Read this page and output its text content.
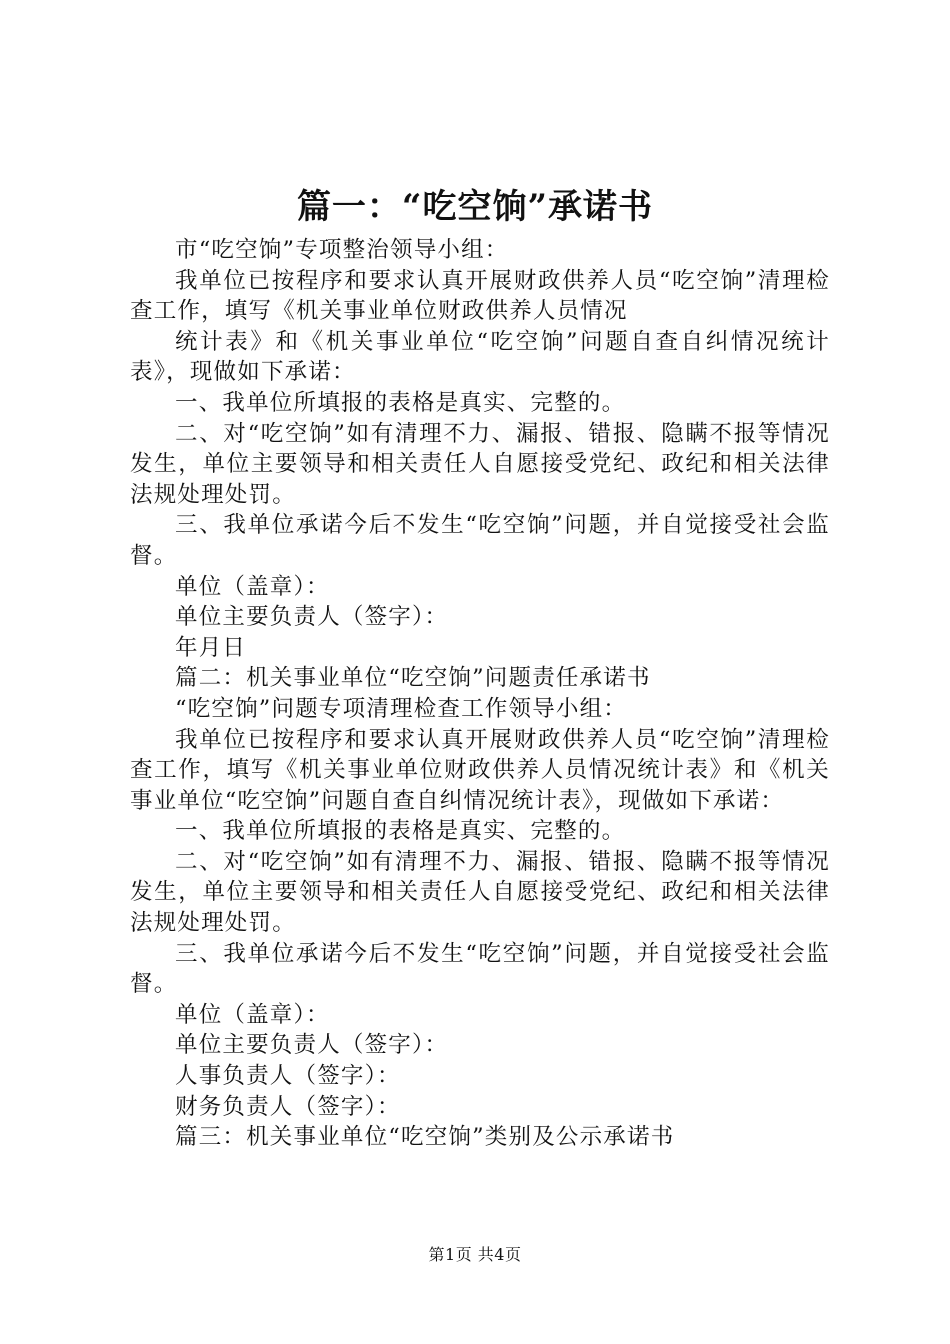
篇一：“吃空饷”承诺书

市“吃空饷”专项整治领导小组：

我单位已按程序和要求认真开展财政供养人员“吃空饷”清理检查工作，填写《机关事业单位财政供养人员情况

统计表》和《机关事业单位“吃空饷”问题自查自纠情况统计表》，现做如下承诺：

一、我单位所填报的表格是真实、完整的。

二、对“吃空饷”如有清理不力、漏报、错报、隐瞒不报等情况发生，单位主要领导和相关责任人自愿接受党纪、政纪和相关法律法规处理处罚。

三、我单位承诺今后不发生“吃空饷”问题，并自觉接受社会监督。

单位（盖章）：

单位主要负责人（签字）：

年月日

篇二：机关事业单位“吃空饷”问题责任承诺书

“吃空饷”问题专项清理检查工作领导小组：

我单位已按程序和要求认真开展财政供养人员“吃空饷”清理检查工作，填写《机关事业单位财政供养人员情况统计表》和《机关事业单位“吃空饷”问题自查自纠情况统计表》，现做如下承诺：

一、我单位所填报的表格是真实、完整的。

二、对“吃空饷”如有清理不力、漏报、错报、隐瞒不报等情况发生，单位主要领导和相关责任人自愿接受党纪、政纪和相关法律法规处理处罚。

三、我单位承诺今后不发生“吃空饷”问题，并自觉接受社会监督。

单位（盖章）：

单位主要负责人（签字）：

人事负责人（签字）：

财务负责人（签字）：

篇三：机关事业单位“吃空饷”类别及公示承诺书

第1页 共4页
